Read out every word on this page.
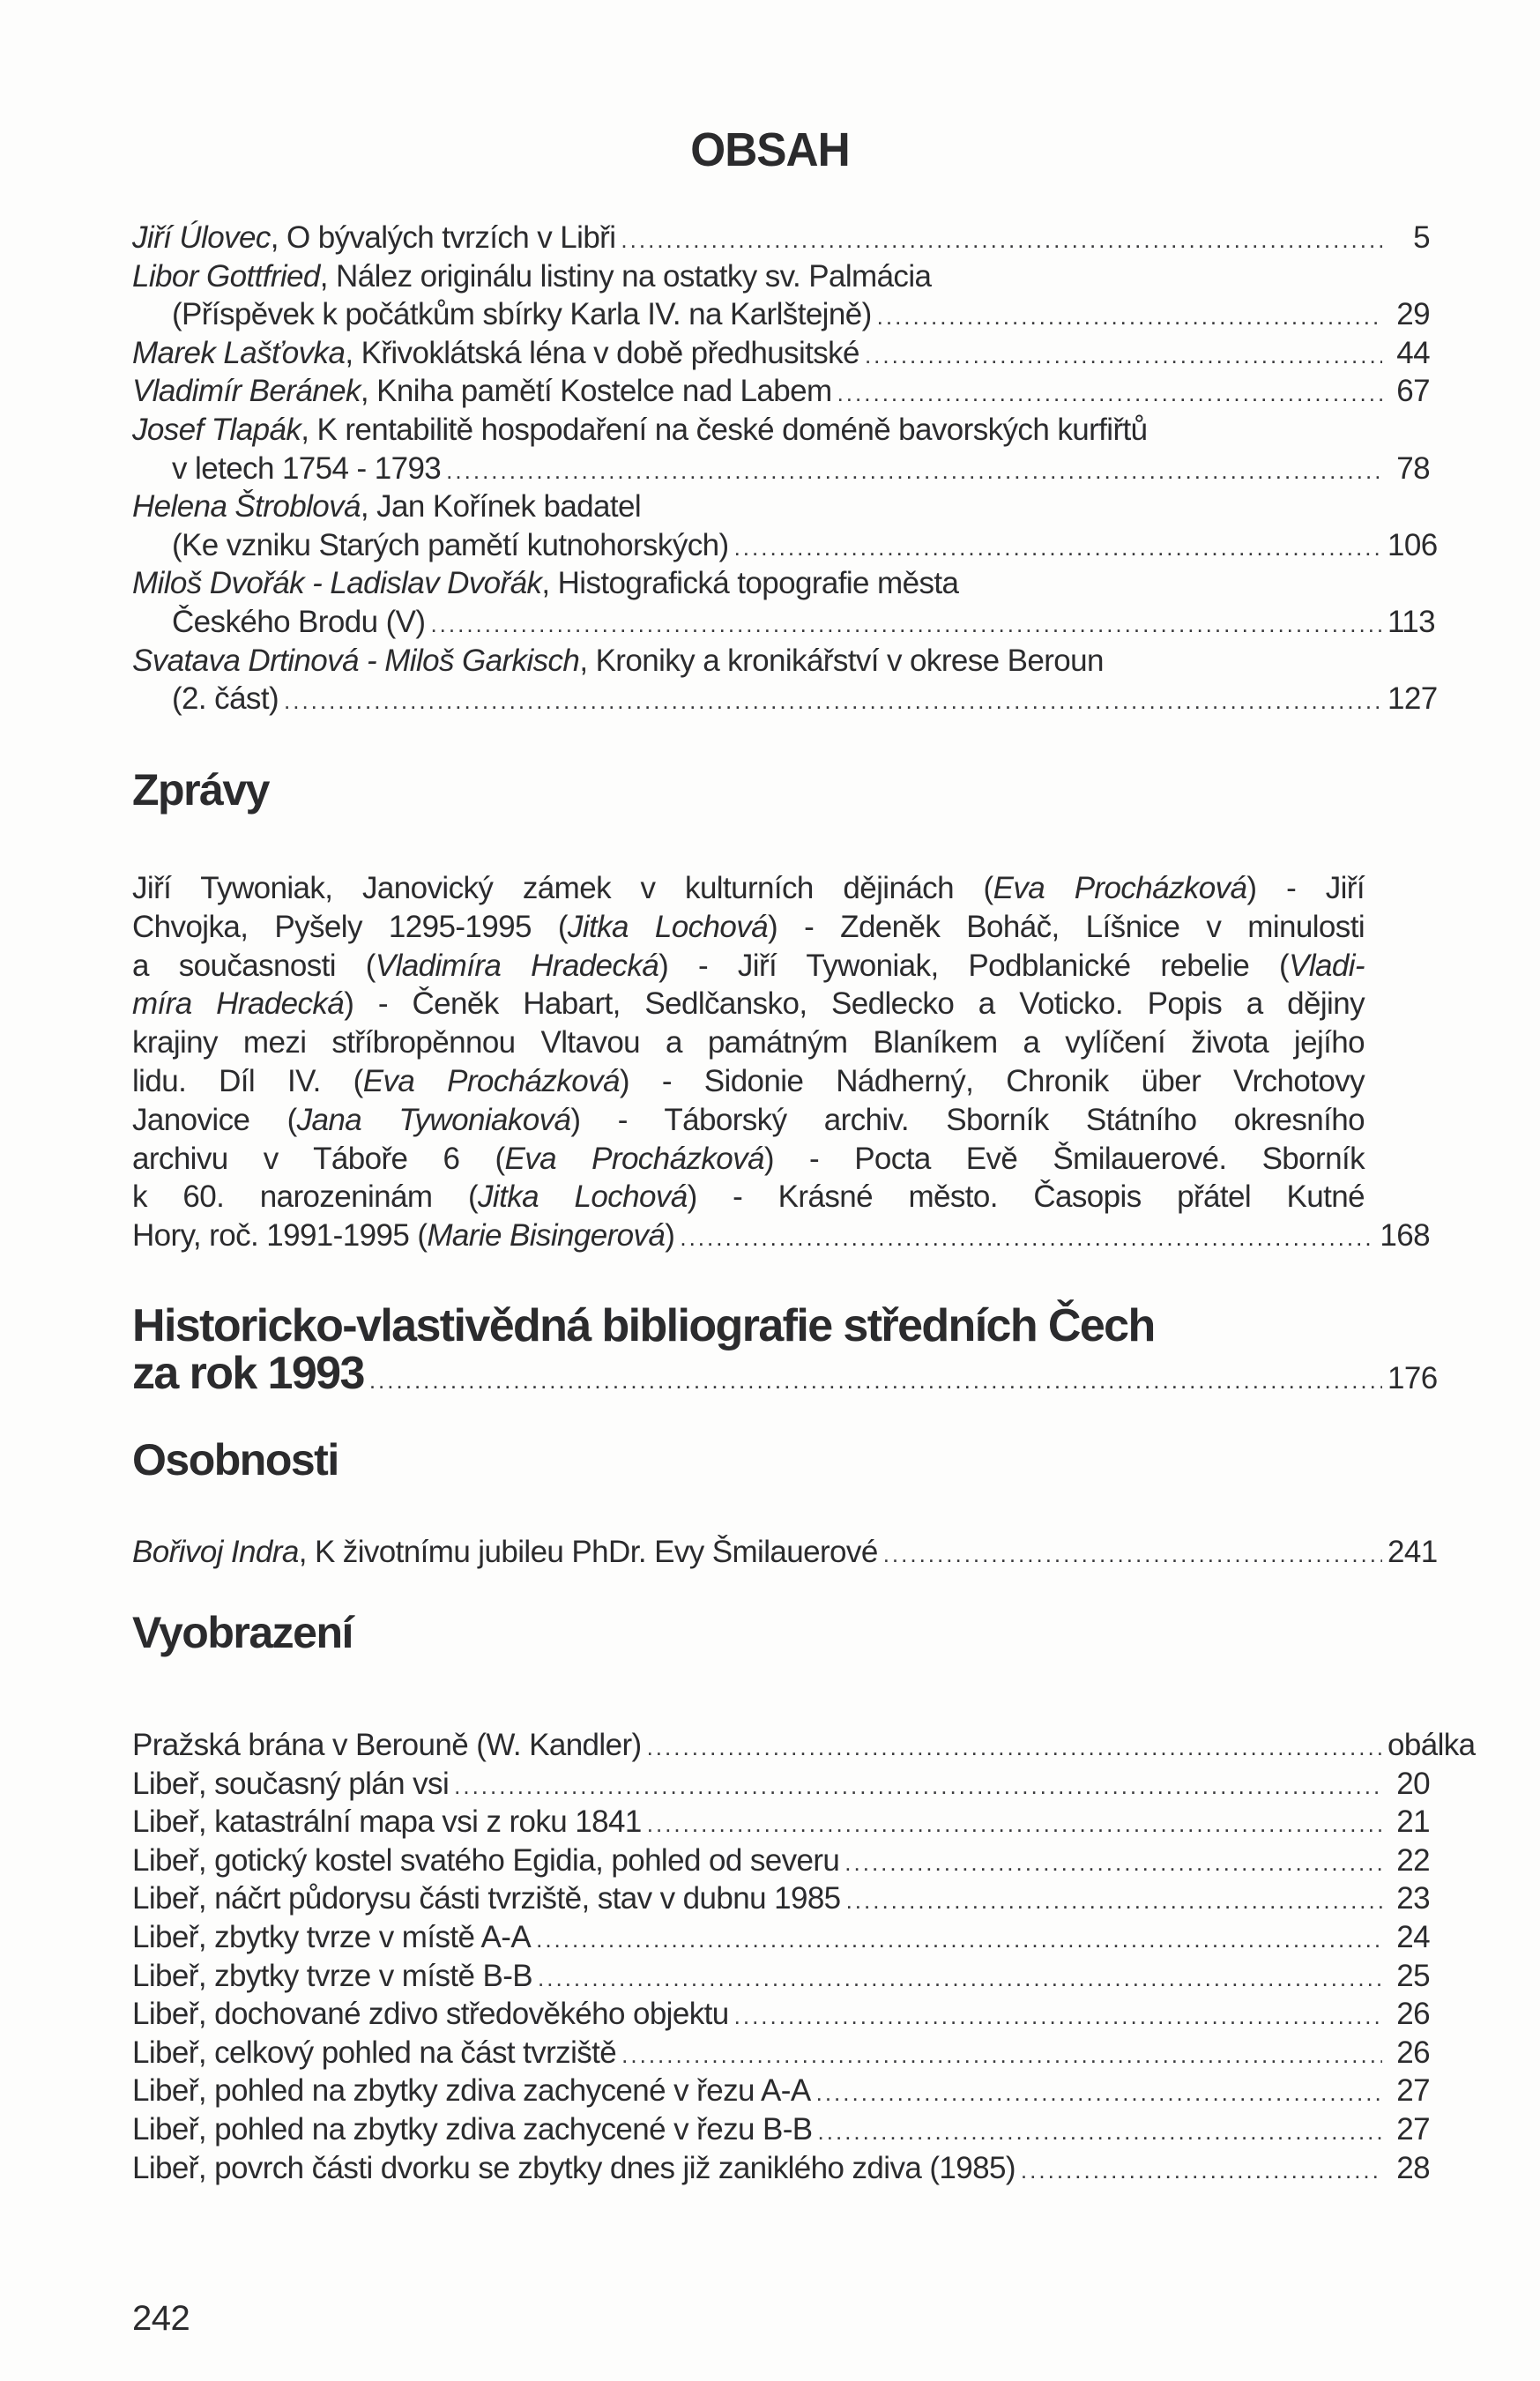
OBSAH
Jiří Úlovec, O bývalých tvrzích v Libři .....	5
Libor Gottfried, Nález originálu listiny na ostatky sv. Palmácia
(Příspěvek k počátkům sbírky Karla IV. na Karlštejně) .....	29
Marek Lašťovka, Křivoklátská léna v době předhusitské .....	44
Vladimír Beránek, Kniha pamětí Kostelce nad Labem .....	67
Josef Tlapák, K rentabilitě hospodaření na české doméně bavorských kurfiřtů
v letech 1754 - 1793 .....	78
Helena Štroblová, Jan Kořínek badatel
(Ke vzniku Starých pamětí kutnohorských) .....	106
Miloš Dvořák - Ladislav Dvořák, Histografická topografie města
Českého Brodu (V) .....	113
Svatava Drtinová - Miloš Garkisch, Kroniky a kronikářství v okrese Beroun
(2. část) .....	127
Zprávy
Jiří Tywoniak, Janovický zámek v kulturních dějinách (Eva Procházková) - Jiří
Chvojka, Pyšely 1295-1995 (Jitka Lochová) - Zdeněk Boháč, Líšnice v minulosti
a současnosti (Vladimíra Hradecká) - Jiří Tywoniak, Podblanické rebelie (Vladi-
míra Hradecká) - Čeněk Habart, Sedlčansko, Sedlecko a Voticko. Popis a dějiny
krajiny mezi stříbropěnnou Vltavou a památným Blaníkem a vylíčení života jejího
lidu. Díl IV. (Eva Procházková) - Sidonie Nádherný, Chronik über Vrchotovy
Janovice (Jana Tywoniaková) - Táborský archiv. Sborník Státního okresního
archivu v Táboře 6 (Eva Procházková) - Pocta Evě Šmilauerové. Sborník
k 60. narozeninám (Jitka Lochová) - Krásné město. Časopis přátel Kutné
Hory, roč. 1991-1995 (Marie Bisingerová) .....	168
Historicko-vlastivědná bibliografie středních Čech
za rok 1993 .....	176
Osobnosti
Bořivoj Indra, K životnímu jubileu PhDr. Evy Šmilauerové .....	241
Vyobrazení
Pražská brána v Berouně (W. Kandler) .....	obálka
Libeř, současný plán vsi .....	20
Libeř, katastrální mapa vsi z roku 1841 .....	21
Libeř, gotický kostel svatého Egidia, pohled od severu .....	22
Libeř, náčrt půdorysu části tvrziště, stav v dubnu 1985 .....	23
Libeř, zbytky tvrze v místě A-A .....	24
Libeř, zbytky tvrze v místě B-B .....	25
Libeř, dochované zdivo středověkého objektu .....	26
Libeř, celkový pohled na část tvrziště .....	26
Libeř, pohled na zbytky zdiva zachycené v řezu A-A .....	27
Libeř, pohled na zbytky zdiva zachycené v řezu B-B .....	27
Libeř, povrch části dvorku se zbytky dnes již zaniklého zdiva (1985) .....	28
242
